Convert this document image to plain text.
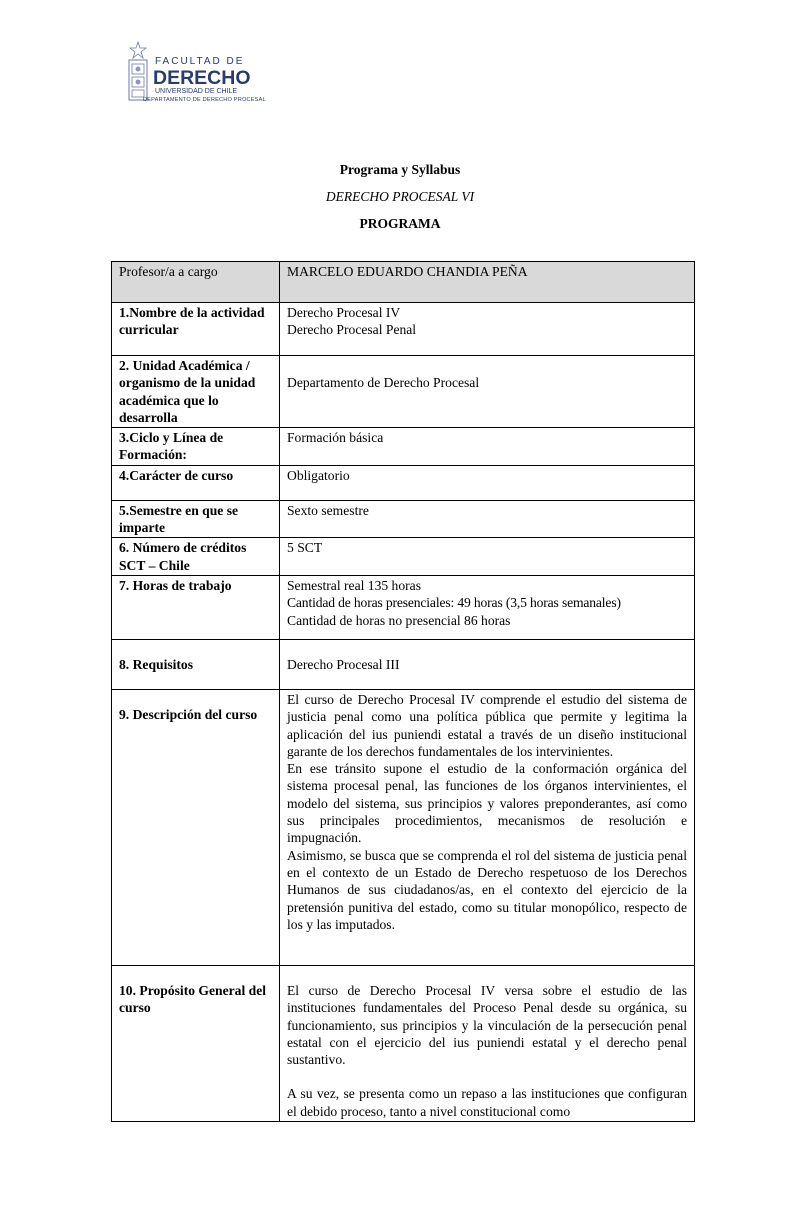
FACULTAD DE
DERECHO
UNIVERSIDAD DE CHILE
DEPARTAMENTO DE DERECHO PROCESAL
Programa y Syllabus
DERECHO PROCESAL VI
PROGRAMA
Profesor/a a cargo	MARCELO EDUARDO CHANDIA PEÑA
1.Nombre de la actividad curricular	Derecho Procesal IV
Derecho Procesal Penal

2. Unidad Académica / organismo de la unidad académica que lo desarrolla	Departamento de Derecho Procesal
3.Ciclo y Línea de Formación:	Formación básica
4.Carácter de curso	Obligatorio
5.Semestre en que se imparte	Sexto semestre
6. Número de créditos SCT – Chile	5 SCT
7. Horas de trabajo	Semestral real 135 horas
Cantidad de horas presenciales: 49 horas (3,5 horas semanales)
Cantidad de horas no presencial 86 horas

8. Requisitos	Derecho Procesal III
9. Descripción del curso	El curso de Derecho Procesal IV comprende el estudio del sistema de justicia penal como una política pública que permite y legitima la aplicación del ius puniendi estatal a través de un diseño institucional garante de los derechos fundamentales de los intervinientes.
En ese tránsito supone el estudio de la conformación orgánica del sistema procesal penal, las funciones de los órganos intervinientes, el modelo del sistema, sus principios y valores preponderantes, así como sus principales procedimientos, mecanismos de resolución e impugnación.
Asimismo, se busca que se comprenda el rol del sistema de justicia penal en el contexto de un Estado de Derecho respetuoso de los Derechos Humanos de sus ciudadanos/as, en el contexto del ejercicio de la pretensión punitiva del estado, como su titular monopólico, respecto de los y las imputados.

10. Propósito General del curso	El curso de Derecho Procesal IV versa sobre el estudio de las instituciones fundamentales del Proceso Penal desde su orgánica, su funcionamiento, sus principios y la vinculación de la persecución penal estatal con el ejercicio del ius puniendi estatal y el derecho penal sustantivo.
A su vez, se presenta como un repaso a las instituciones que configuran el debido proceso, tanto a nivel constitucional como
